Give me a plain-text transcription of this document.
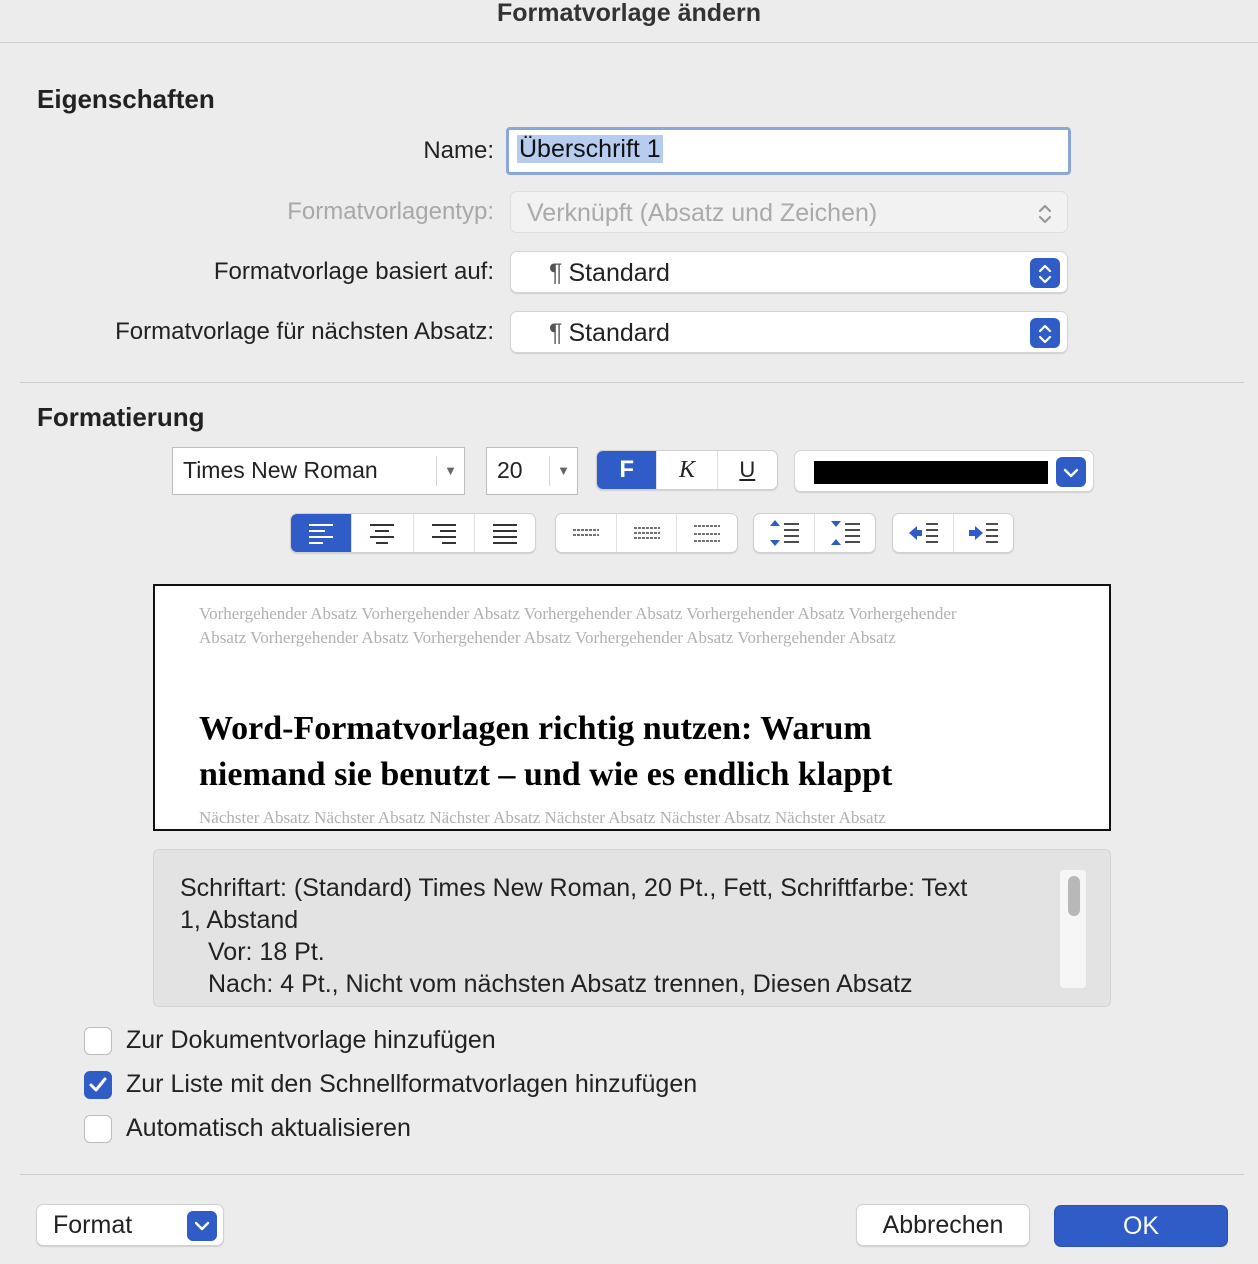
Formatvorlage ändern
Eigenschaften
Name:	Überschrift 1
Formatvorlagentyp: Verknüpft (Absatz und Zeichen)
Formatvorlage basiert auf:	¶ Standard
Formatvorlage für nächsten Absatz:	¶ Standard
Formatierung
Times New Roman	▼	20	▼	F	K	U
Vorhergehender Absatz Vorhergehender Absatz Vorhergehender Absatz Vorhergehender Absatz Vorhergehender Absatz Vorhergehender Absatz Vorhergehender Absatz Vorhergehender Absatz Vorhergehender Absatz
Word-Formatvorlagen richtig nutzen: Warum
niemand sie benutzt – und wie es endlich klappt
Nächster Absatz Nächster Absatz Nächster Absatz Nächster Absatz Nächster Absatz Nächster Absatz
Schriftart: (Standard) Times New Roman, 20 Pt., Fett, Schriftfarbe: Text
1, Abstand
Vor: 18 Pt.
Nach: 4 Pt., Nicht vom nächsten Absatz trennen, Diesen Absatz
Zur Dokumentvorlage hinzufügen
Zur Liste mit den Schnellformatvorlagen hinzufügen
Automatisch aktualisieren
Format	Abbrechen	OK
